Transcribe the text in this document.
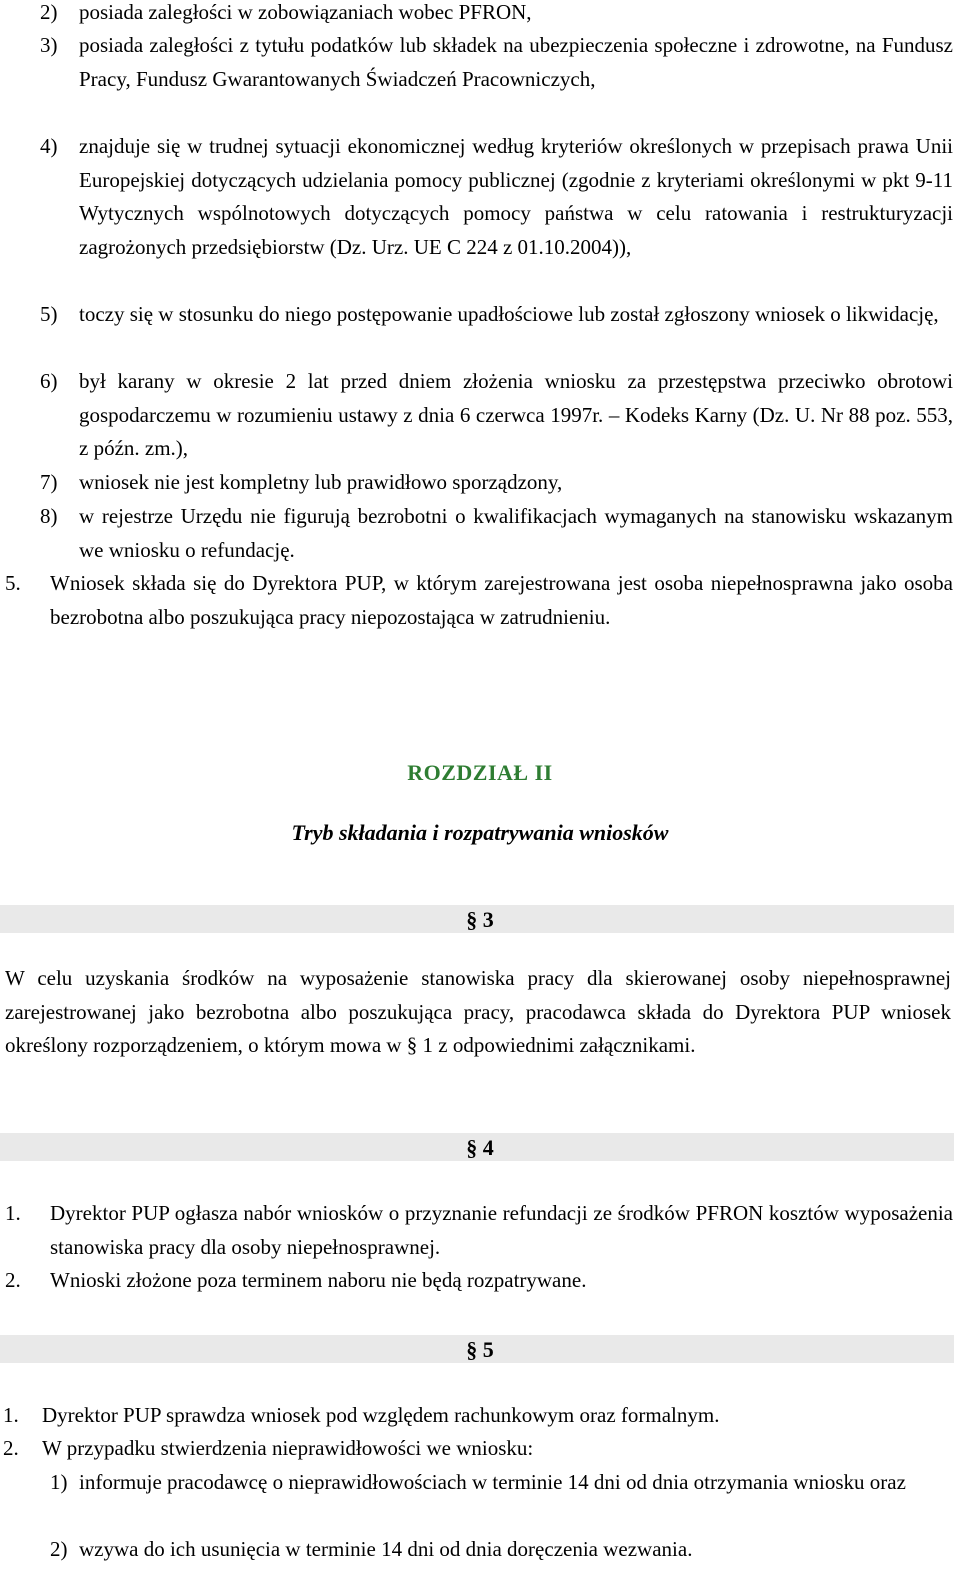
2) posiada zaległości w zobowiązaniach wobec PFRON,
3) posiada zaległości z tytułu podatków lub składek na ubezpieczenia społeczne i zdrowotne, na Fundusz Pracy, Fundusz Gwarantowanych Świadczeń Pracowniczych,
4) znajduje się w trudnej sytuacji ekonomicznej według kryteriów określonych w przepisach prawa Unii Europejskiej dotyczących udzielania pomocy publicznej (zgodnie z kryteriami określonymi w pkt 9-11 Wytycznych wspólnotowych dotyczących pomocy państwa w celu ratowania i restrukturyzacji zagrożonych przedsiębiorstw (Dz. Urz. UE C 224 z 01.10.2004)),
5) toczy się w stosunku do niego postępowanie upadłościowe lub został zgłoszony wniosek o likwidację,
6) był karany w okresie 2 lat przed dniem złożenia wniosku za przestępstwa przeciwko obrotowi gospodarczemu w rozumieniu ustawy z dnia 6 czerwca 1997r. – Kodeks Karny (Dz. U. Nr 88 poz. 553, z późn. zm.),
7) wniosek nie jest kompletny lub prawidłowo sporządzony,
8) w rejestrze Urzędu nie figurują bezrobotni o kwalifikacjach wymaganych na stanowisku wskazanym we wniosku o refundację.
5. Wniosek składa się do Dyrektora PUP, w którym zarejestrowana jest osoba niepełnosprawna jako osoba bezrobotna albo poszukująca pracy niepozostająca w zatrudnieniu.
ROZDZIAŁ II
Tryb składania i rozpatrywania wniosków
§ 3
W celu uzyskania środków na wyposażenie stanowiska pracy dla skierowanej osoby niepełnosprawnej zarejestrowanej jako bezrobotna albo poszukująca pracy, pracodawca składa do Dyrektora PUP wniosek określony rozporządzeniem, o którym mowa w § 1 z odpowiednimi załącznikami.
§ 4
1. Dyrektor PUP ogłasza nabór wniosków o przyznanie refundacji ze środków PFRON kosztów wyposażenia stanowiska pracy dla osoby niepełnosprawnej.
2. Wnioski złożone poza terminem naboru nie będą rozpatrywane.
§ 5
1. Dyrektor PUP sprawdza wniosek pod względem rachunkowym oraz formalnym.
2. W przypadku stwierdzenia nieprawidłowości we wniosku:
1) informuje pracodawcę o nieprawidłowościach w terminie 14 dni od dnia otrzymania wniosku oraz
2) wzywa do ich usunięcia w terminie 14 dni od dnia doręczenia wezwania.
